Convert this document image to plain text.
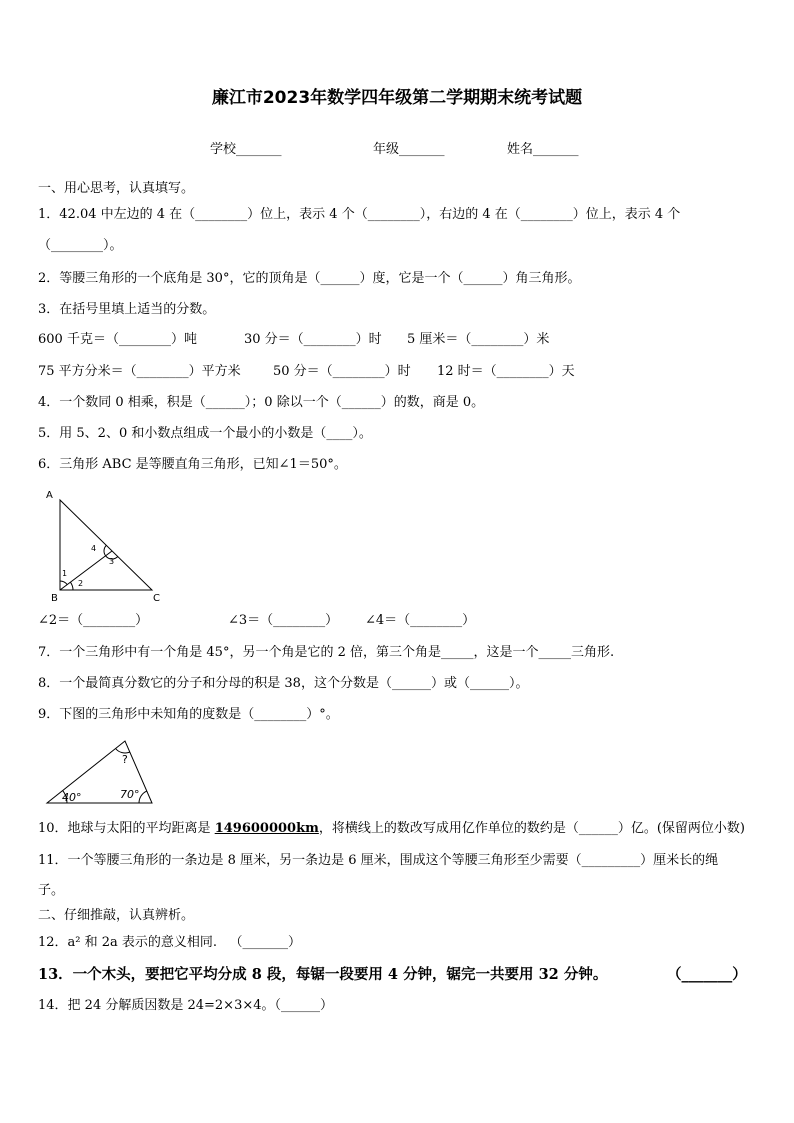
廉江市2023年数学四年级第二学期期末统考试题
学校_______	年级_______	姓名_______
一、用心思考，认真填写。
1．42.04 中左边的 4 在（________）位上，表示 4 个（________），右边的 4 在（________）位上，表示 4 个
（________）。
2．等腰三角形的一个底角是 30°，它的顶角是（______）度，它是一个（______）角三角形。
3．在括号里填上适当的分数。
600 千克＝（________）吨	30 分＝（________）时 5 厘米＝（________）米
75 平方分米＝（________）平方米 50 分＝（________）时 12 时＝（________）天
4．一个数同 0 相乘，积是（______）；0 除以一个（______）的数，商是 0。
5．用 5、2、0 和小数点组成一个最小的小数是（____）。
6．三角形 ABC 是等腰直角三角形，已知∠1＝50°。
A
B	C
1
2
3
4
∠2＝（________）	∠3＝（________） ∠4＝（________）
7．一个三角形中有一个角是 45°，另一个角是它的 2 倍，第三个角是_____，这是一个_____三角形.
8．一个最简真分数它的分子和分母的积是 38，这个分数是（______）或（______）。
9．下图的三角形中未知角的度数是（________）°。
40°	70°
?
10．地球与太阳的平均距离是 149600000km，将横线上的数改写成用亿作单位的数约是（______）亿。(保留两位小数)
11．一个等腰三角形的一条边是 8 厘米，另一条边是 6 厘米，围成这个等腰三角形至少需要（_________）厘米长的绳
子。
二、仔细推敲，认真辨析。
12．a² 和 2a 表示的意义相同.   （_______）
13．一个木头，要把它平均分成 8 段，每锯一段要用 4 分钟，锯完一共要用 32 分钟。	（_______）
14．把 24 分解质因数是 24=2×3×4。（______）
